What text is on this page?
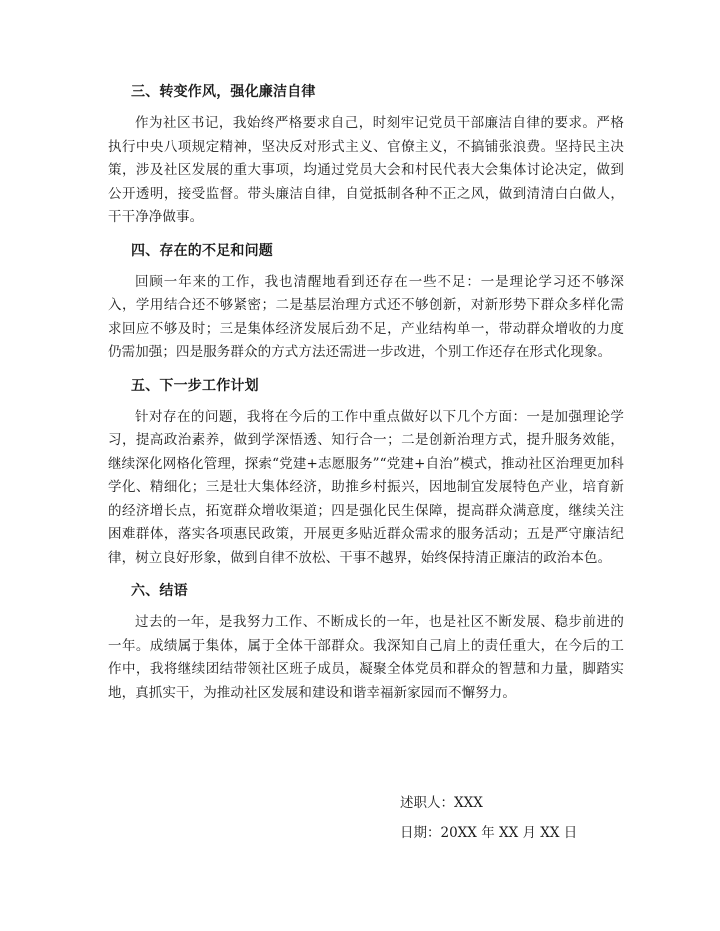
三、转变作风，强化廉洁自律

作为社区书记，我始终严格要求自己，时刻牢记党员干部廉洁自律的要求。严格执行中央八项规定精神，坚决反对形式主义、官僚主义，不搞铺张浪费。坚持民主决策，涉及社区发展的重大事项，均通过党员大会和村民代表大会集体讨论决定，做到公开透明，接受监督。带头廉洁自律，自觉抵制各种不正之风，做到清清白白做人，干干净净做事。

四、存在的不足和问题

回顾一年来的工作，我也清醒地看到还存在一些不足：一是理论学习还不够深入，学用结合还不够紧密；二是基层治理方式还不够创新，对新形势下群众多样化需求回应不够及时；三是集体经济发展后劲不足，产业结构单一，带动群众增收的力度仍需加强；四是服务群众的方式方法还需进一步改进，个别工作还存在形式化现象。

五、下一步工作计划

针对存在的问题，我将在今后的工作中重点做好以下几个方面：一是加强理论学习，提高政治素养，做到学深悟透、知行合一；二是创新治理方式，提升服务效能，继续深化网格化管理，探索“党建+志愿服务”“党建+自治”模式，推动社区治理更加科学化、精细化；三是壮大集体经济，助推乡村振兴，因地制宜发展特色产业，培育新的经济增长点，拓宽群众增收渠道；四是强化民生保障，提高群众满意度，继续关注困难群体，落实各项惠民政策，开展更多贴近群众需求的服务活动；五是严守廉洁纪律，树立良好形象，做到自律不放松、干事不越界，始终保持清正廉洁的政治本色。

六、结语

过去的一年，是我努力工作、不断成长的一年，也是社区不断发展、稳步前进的一年。成绩属于集体，属于全体干部群众。我深知自己肩上的责任重大，在今后的工作中，我将继续团结带领社区班子成员，凝聚全体党员和群众的智慧和力量，脚踏实地，真抓实干，为推动社区发展和建设和谐幸福新家园而不懈努力。

述职人：XXX
日期：20XX 年 XX 月 XX 日
